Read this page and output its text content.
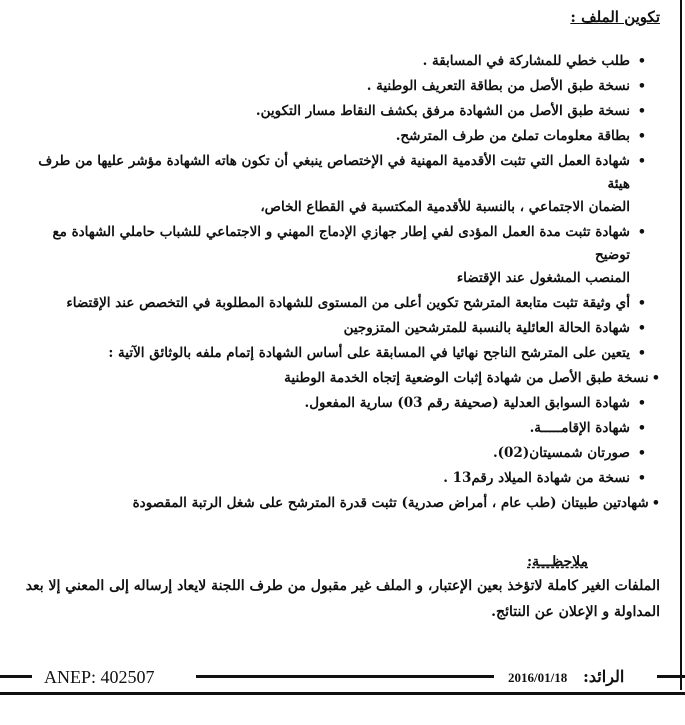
تكوين الملف :
•
طلب خطي للمشاركة في المسابقة .
•
نسخة طبق الأصل من بطاقة التعريف الوطنية .
•
نسخة طبق الأصل من الشهادة مرفق بكشف النقاط مسار التكوين.
•
بطاقة معلومات تملئ من طرف المترشح.
•
شهادة العمل التي تثبت الأقدمية المهنية في الإختصاص ينبغي أن تكون هاته الشهادة مؤشر عليها من طرف هيئة
الضمان الاجتماعي ، بالنسبة للأقدمية المكتسبة في القطاع الخاص،
•
شهادة تثبت مدة العمل المؤدى لفي إطار جهازي الإدماج المهني و الاجتماعي للشباب حاملي الشهادة مع توضيح
المنصب المشغول عند الإقتضاء
•
أي وثيقة تثبت متابعة المترشح تكوين أعلى من المستوى للشهادة المطلوبة في التخصص عند الإقتضاء
•
شهادة الحالة العائلية بالنسبة للمترشحين المتزوجين
•
يتعين على المترشح الناجح نهائيا في المسابقة على أساس الشهادة إتمام ملفه بالوثائق الآتية :
•نسخة طبق الأصل من شهادة إثبات الوضعية إتجاه الخدمة الوطنية
•
شهادة السوابق العدلية (صحيفة رقم 03) سارية المفعول.
•
شهادة الإقامـــــة.
•
صورتان شمسيتان(02).
•
نسخة من شهادة الميلاد رقم13 .
•شهادتين طبيتان (طب عام ، أمراض صدرية) تثبت قدرة المترشح على شغل الرتبة المقصودة
ملاحظـــة:
الملفات الغير كاملة لاتؤخذ بعين الإعتبار، و الملف غير مقبول من طرف اللجنة لايعاد إرساله إلى المعني إلا بعد المداولة و الإعلان عن النتائج.
ANEP: 402507	2016/01/18 الرائد:
